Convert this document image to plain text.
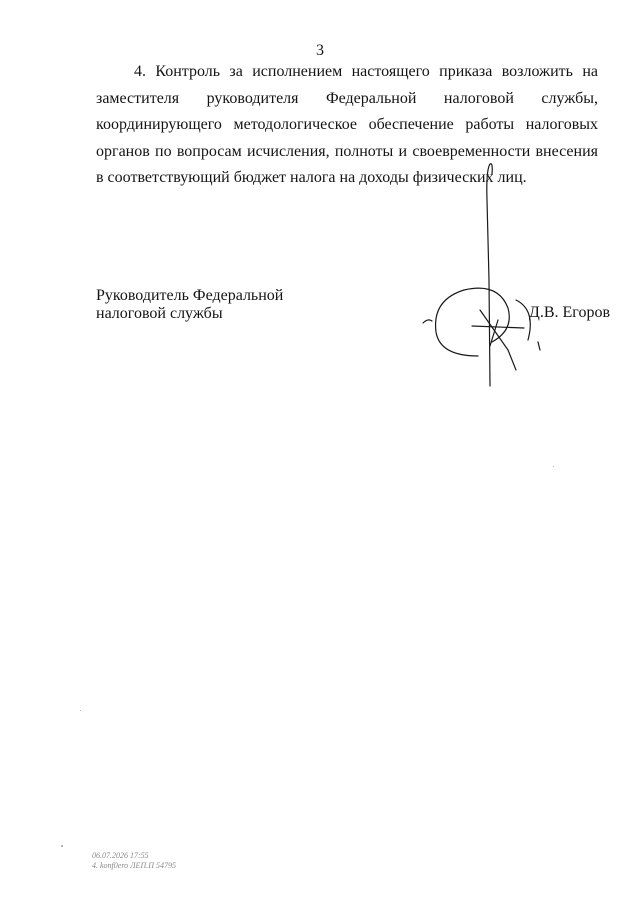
3

4. Контроль за исполнением настоящего приказа возложить на заместителя руководителя Федеральной налоговой службы, координирующего методологическое обеспечение работы налоговых органов по вопросам исчисления, полноты и своевременности внесения в соответствующий бюджет налога на доходы физических лиц.

Руководитель Федеральной
налоговой службы	Д.В. Егоров
06.07.2026 17:55
4. konf0ero ЛЕП.П 54795
